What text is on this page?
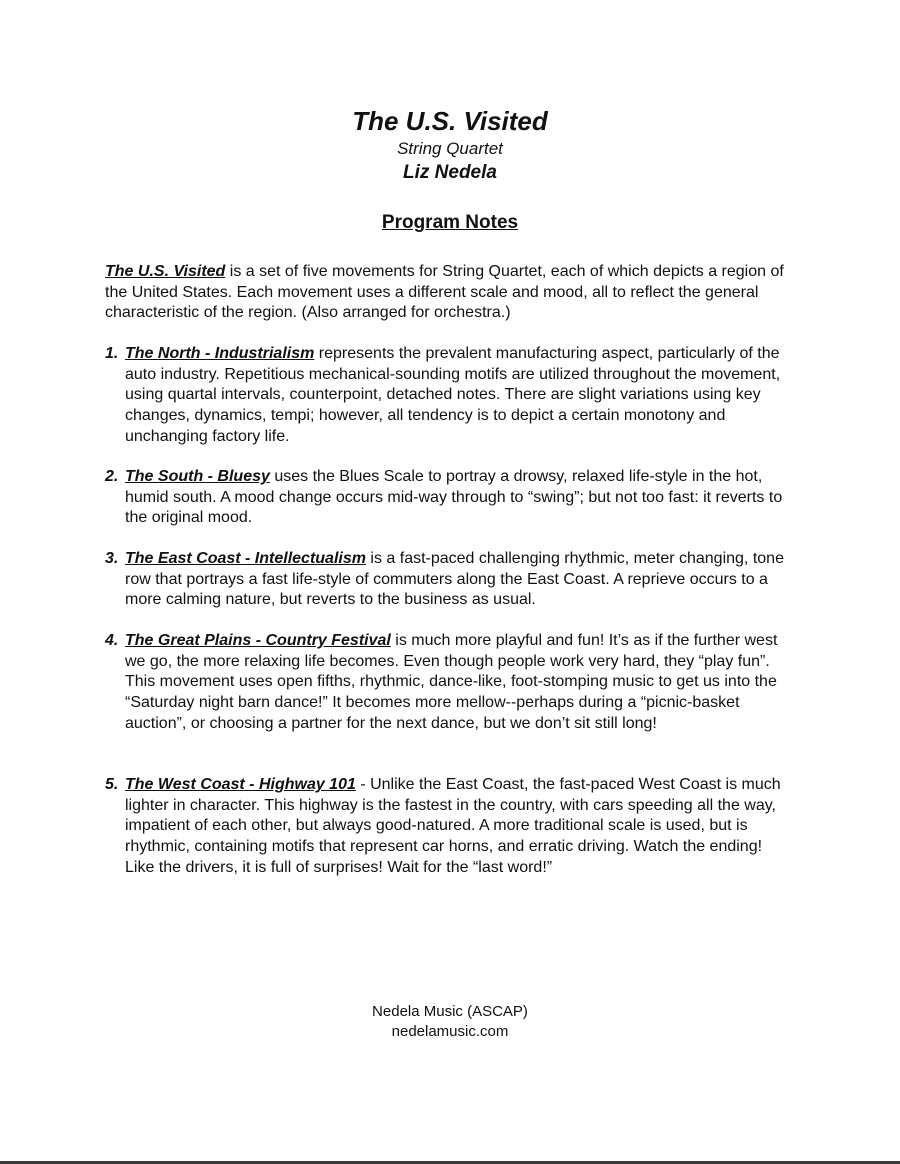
The U.S. Visited
String Quartet
Liz Nedela
Program Notes

The U.S. Visited is a set of five movements for String Quartet, each of which depicts a region of the United States. Each movement uses a different scale and mood, all to reflect the general characteristic of the region. (Also arranged for orchestra.)

1. The North - Industrialism represents the prevalent manufacturing aspect, particularly of the auto industry. Repetitious mechanical-sounding motifs are utilized throughout the movement, using quartal intervals, counterpoint, detached notes. There are slight variations using key changes, dynamics, tempi; however, all tendency is to depict a certain monotony and unchanging factory life.

2. The South - Bluesy uses the Blues Scale to portray a drowsy, relaxed life-style in the hot, humid south. A mood change occurs mid-way through to “swing”; but not too fast: it reverts to the original mood.

3. The East Coast - Intellectualism is a fast-paced challenging rhythmic, meter changing, tone row that portrays a fast life-style of commuters along the East Coast. A reprieve occurs to a more calming nature, but reverts to the business as usual.

4. The Great Plains - Country Festival is much more playful and fun! It’s as if the further west we go, the more relaxing life becomes. Even though people work very hard, they “play fun”. This movement uses open fifths, rhythmic, dance-like, foot-stomping music to get us into the “Saturday night barn dance!” It becomes more mellow--perhaps during a “picnic-basket auction”, or choosing a partner for the next dance, but we don’t sit still long!

5. The West Coast - Highway 101 - Unlike the East Coast, the fast-paced West Coast is much lighter in character. This highway is the fastest in the country, with cars speeding all the way, impatient of each other, but always good-natured. A more traditional scale is used, but is rhythmic, containing motifs that represent car horns, and erratic driving. Watch the ending! Like the drivers, it is full of surprises! Wait for the “last word!”

Nedela Music (ASCAP)
nedelamusic.com
